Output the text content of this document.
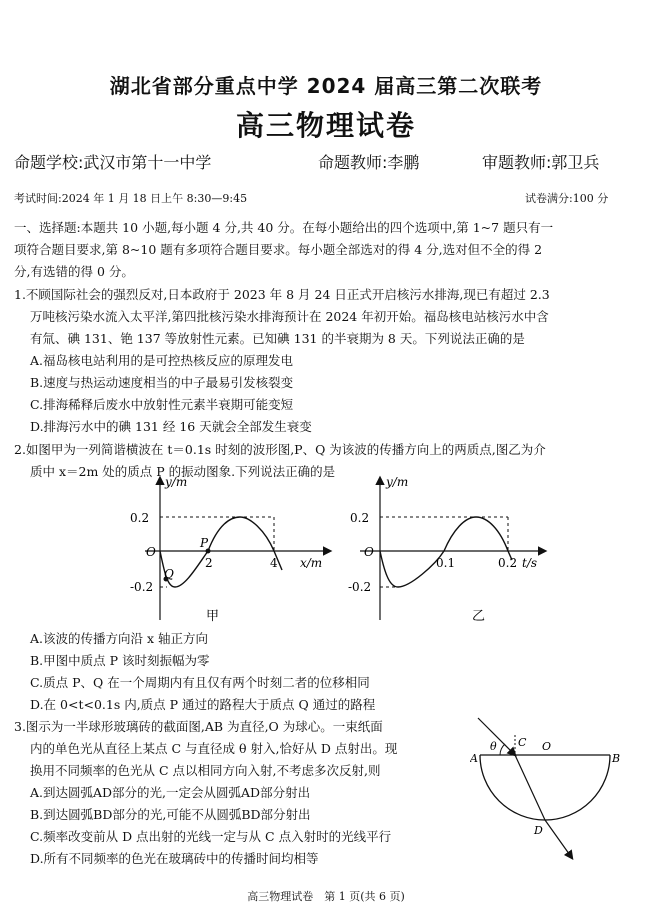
湖北省部分重点中学 2024 届高三第二次联考
高三物理试卷
命题学校:武汉市第十一中学	命题教师:李鹏	审题教师:郭卫兵
考试时间:2024 年 1 月 18 日上午 8:30—9:45	试卷满分:100 分

一、选择题:本题共 10 小题,每小题 4 分,共 40 分。在每小题给出的四个选项中,第 1~7 题只有一

项符合题目要求,第 8~10 题有多项符合题目要求。每小题全部选对的得 4 分,选对但不全的得 2

分,有选错的得 0 分。

1.不顾国际社会的强烈反对,日本政府于 2023 年 8 月 24 日正式开启核污水排海,现已有超过 2.3

万吨核污染水流入太平洋,第四批核污染水排海预计在 2024 年初开始。福岛核电站核污水中含

有氚、碘 131、铯 137 等放射性元素。已知碘 131 的半衰期为 8 天。下列说法正确的是

A.福岛核电站利用的是可控热核反应的原理发电

B.速度与热运动速度相当的中子最易引发核裂变

C.排海稀释后废水中放射性元素半衰期可能变短

D.排海污水中的碘 131 经 16 天就会全部发生衰变

2.如图甲为一列简谐横波在 t＝0.1s 时刻的波形图,P、Q 为该波的传播方向上的两质点,图乙为介

质中 x＝2m 处的质点 P 的振动图象.下列说法正确的是

y/m
x/m
O
0.2
-0.2
2	4
P
Q
甲
y/m
t/s
O
0.2
-0.2
0.1	0.2
乙

A.该波的传播方向沿 x 轴正方向

B.甲图中质点 P 该时刻振幅为零

C.质点 P、Q 在一个周期内有且仅有两个时刻二者的位移相同

D.在 0<t<0.1s 内,质点 P 通过的路程大于质点 Q 通过的路程

3.图示为一半球形玻璃砖的截面图,AB 为直径,O 为球心。一束纸面

内的单色光从直径上某点 C 与直径成 θ 射入,恰好从 D 点射出。现

换用不同频率的色光从 C 点以相同方向入射,不考虑多次反射,则

A.到达圆弧AD部分的光,一定会从圆弧AD部分射出

B.到达圆弧BD部分的光,可能不从圆弧BD部分射出

C.频率改变前从 D 点出射的光线一定与从 C 点入射时的光线平行

D.所有不同频率的色光在玻璃砖中的传播时间均相等

A	B
C O
D
θ
高三物理试卷　第 1 页(共 6 页)
